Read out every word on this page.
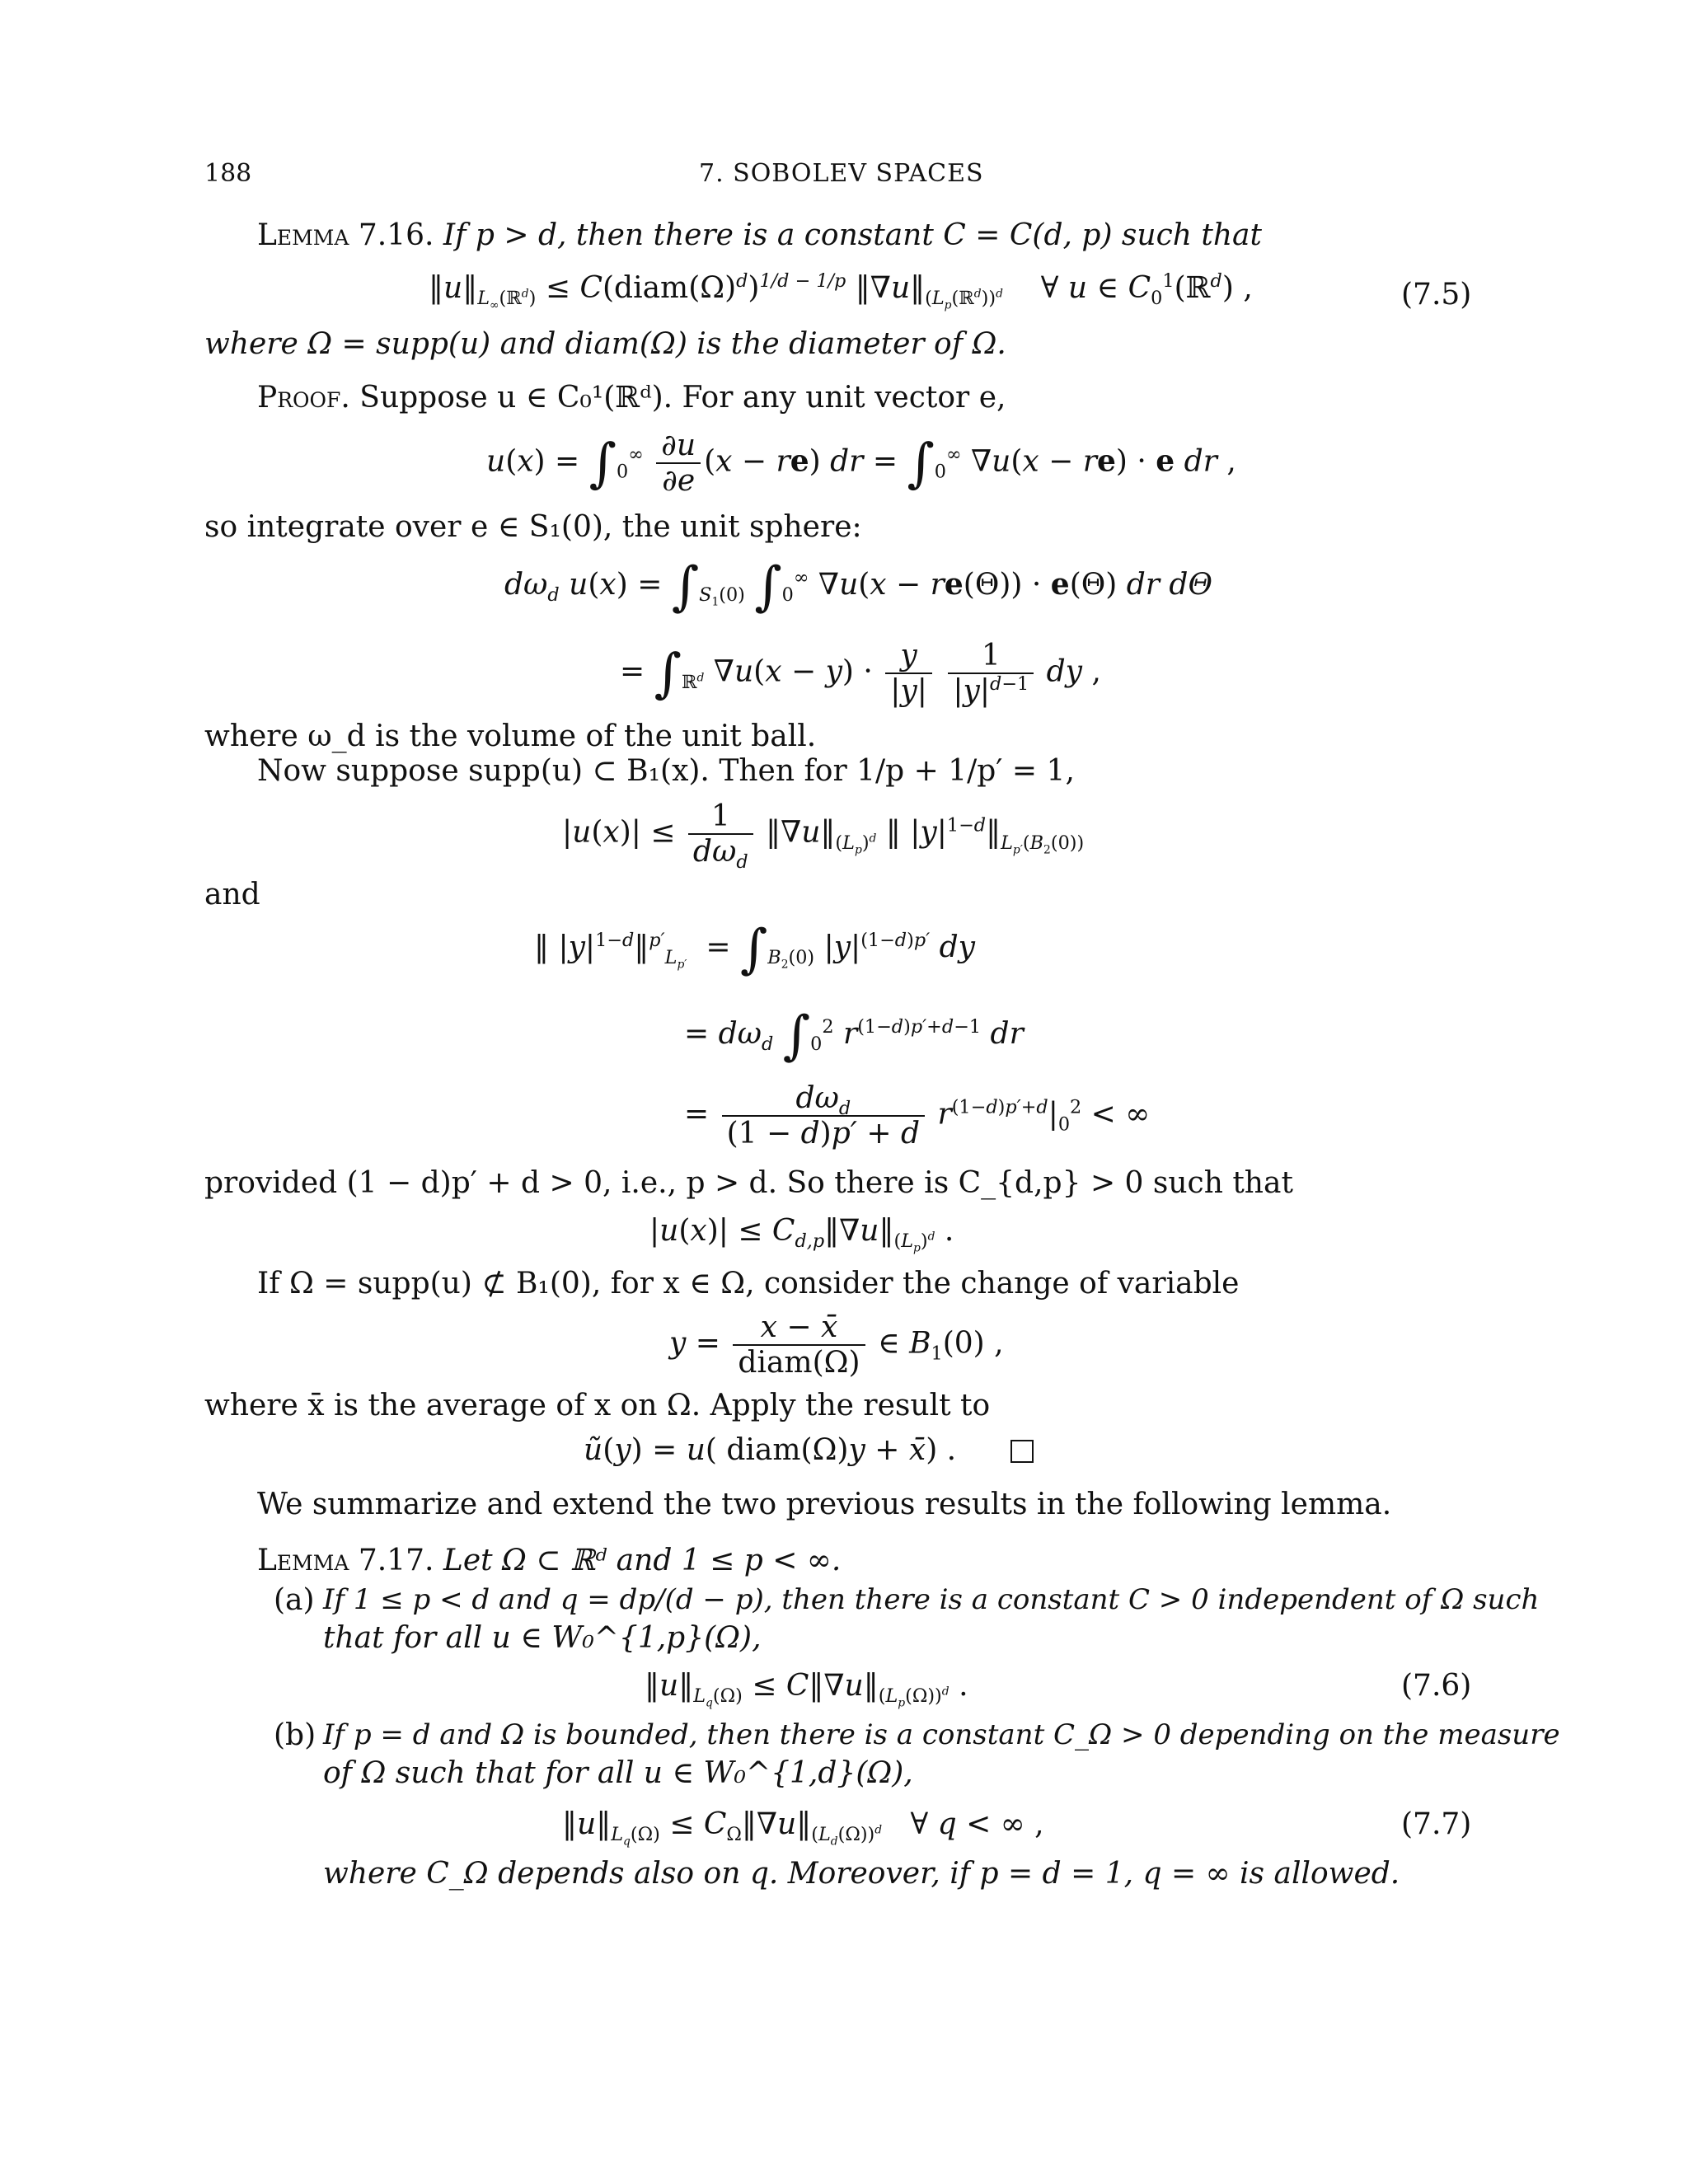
188	7. SOBOLEV SPACES
Lemma 7.16. If p > d, then there is a constant C = C(d, p) such that
$‖u‖_{L_\infty(ℝ^d)}$ ≤ $C(diam(\Omega)^d)^{1/d - 1/p}$ $‖\nabla u‖_{(L_p(ℝ^d))^d}$    ∀ u ∈ $C_0^1(ℝ^d)$ ,	(7.5)
where Ω = supp(u) and diam(Ω) is the diameter of Ω.
Proof. Suppose u ∈ C₀¹(ℝᵈ). For any unit vector e,
$u(x) = \int_0^\infty \frac{\partial u}{\partial e} (x - re)$ dr = $\int_0^\infty$ ∇u(x − re) · e dr ,
so integrate over e ∈ S₁(0), the unit sphere:
$d\omega_d$ $u(x) = \int_{S_1(0)}$ $\int_0^\infty$ ∇u(x − re(Θ)) · e(Θ) dr dΘ
= $\int_{ℝ^d}$ $\nabla u(x - y) \cdot \frac{y}{|y|}$
$\frac{1}{|y|^{d-1}}$ dy ,
where ω_d is the volume of the unit ball.
Now suppose supp(u) ⊂ B₁(x). Then for 1/p + 1/p′ = 1,
$|u(x)| \le \frac{1}{d\omega_d}$ $‖\nabla u‖_{(L_p)^d}$ ‖ $|y|^{1-d}‖_{L_{p'}(B_2(0))}$
and
‖ $|y|^{1-d}‖^{p'}_{L_{p'}} = \int_{B_2(0)}$ $|y|^{(1-d)p'}$ dy
= $d\omega_d$ $\int_0^2$ $r^{(1-d)p'+d-1}$ dr
= $\frac{d\omega_d}{(1 - d)p' + d} r^{(1-d)p'+d}|_0^2$ < ∞
provided (1 − d)p′ + d > 0, i.e., p > d. So there is C_{d,p} > 0 such that
$|u(x)| \le C_{d,p}‖\nabla u‖_{(L_p)^d}$ .
If Ω = supp(u) ⊄ B₁(0), for x ∈ Ω, consider the change of variable
$y = \frac{x - x̄}{\text{diam(Ω)}}$ ∈ $B_1(0)$ ,
where x̄ is the average of x on Ω. Apply the result to
ũ(y) = u( diam(Ω)y + x̄) .
We summarize and extend the two previous results in the following lemma.
Lemma 7.17. Let Ω ⊂ ℝᵈ and 1 ≤ p < ∞.
(a) If 1 ≤ p < d and q = dp/(d − p), then there is a constant C > 0 independent of Ω such
that for all u ∈ W₀^{1,p}(Ω),
$‖u‖_{L_q(\Omega)}$ ≤ $C‖\nabla u‖_{(L_p(\Omega))^d}$ .	(7.6)
(b) If p = d and Ω is bounded, then there is a constant C_Ω > 0 depending on the measure
of Ω such that for all u ∈ W₀^{1,d}(Ω),
$‖u‖_{L_q(\Omega)}$ ≤ $C_\Omega‖\nabla u‖_{(L_d(\Omega))^d}$   ∀ q < ∞ ,	(7.7)
where C_Ω depends also on q. Moreover, if p = d = 1, q = ∞ is allowed.
